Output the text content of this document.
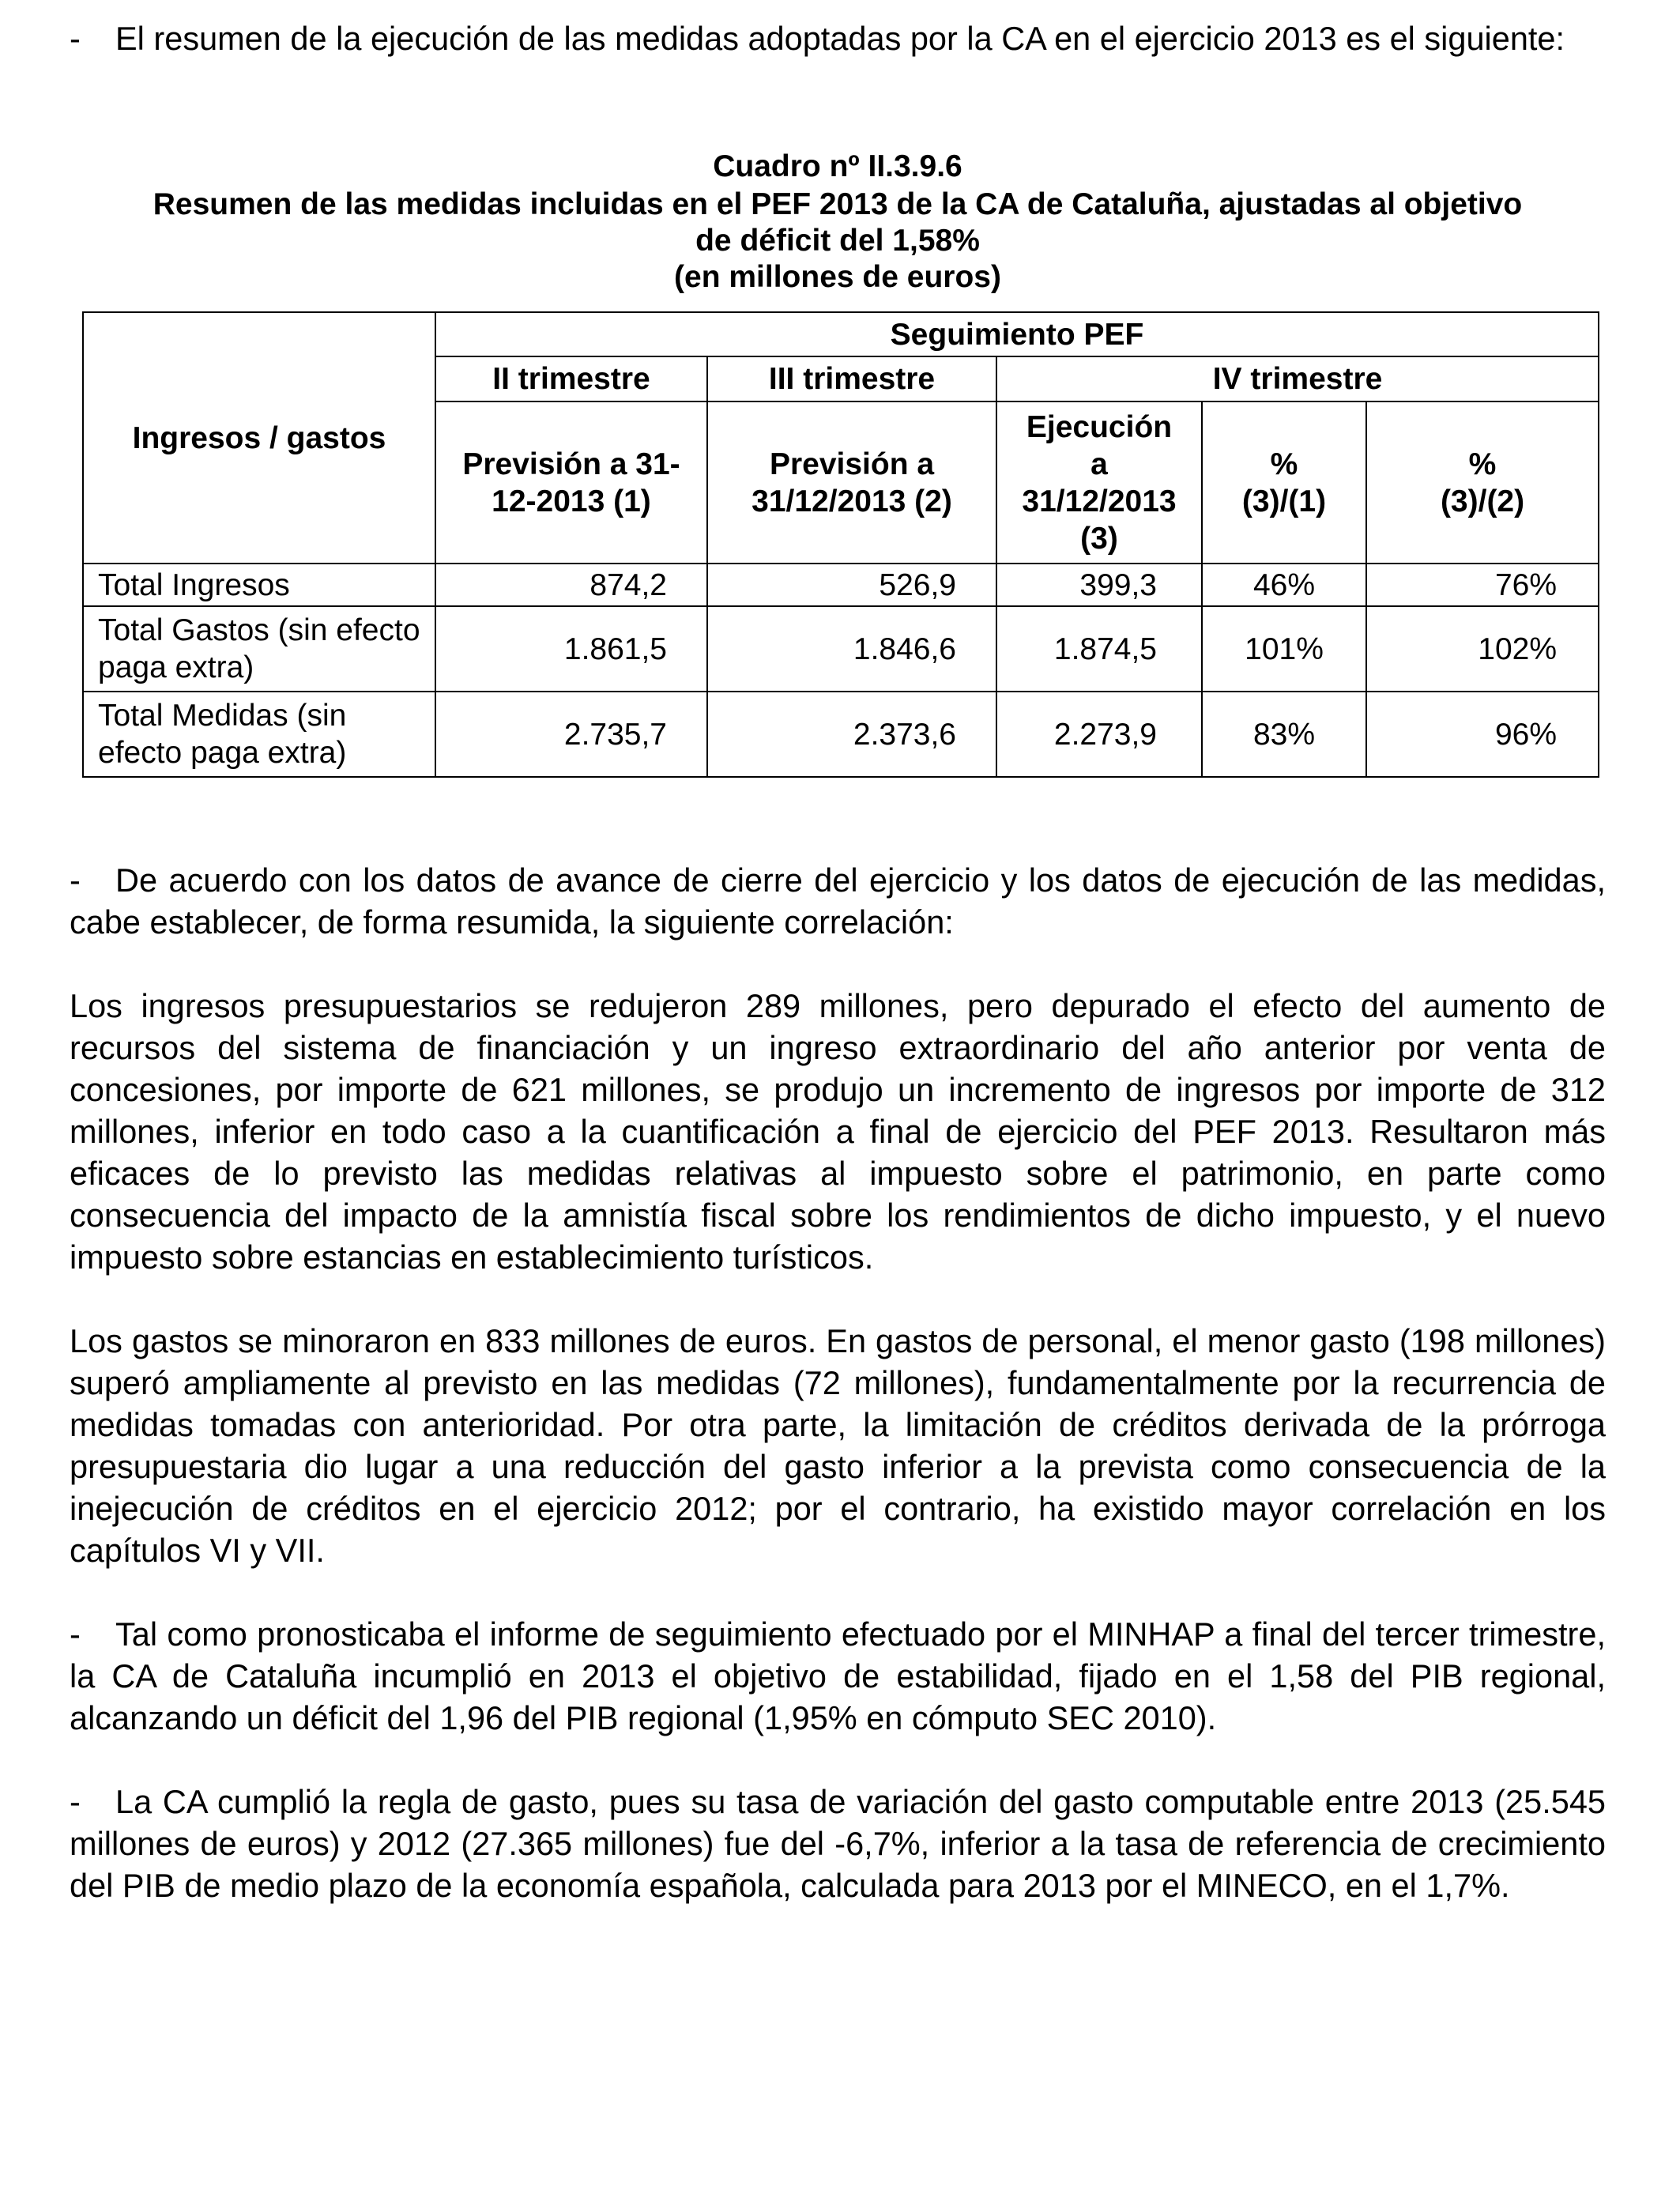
- El resumen de la ejecución de las medidas adoptadas por la CA en el ejercicio 2013 es el siguiente:

Cuadro nº II.3.9.6
Resumen de las medidas incluidas en el PEF 2013 de la CA de Cataluña, ajustadas al objetivo
de déficit del 1,58%
(en millones de euros)
Ingresos / gastos	Seguimiento PEF				
	II trimestre	III trimestre	IV trimestre		
	Previsión a 31-12-2013 (1)	Previsión a 31/12/2013 (2)	Ejecución a 31/12/2013 (3)	% (3)/(1)	% (3)/(2)
Total Ingresos	874,2	526,9	399,3	46%	76%
Total Gastos (sin efecto paga extra)	1.861,5	1.846,6	1.874,5	101%	102%
Total Medidas (sin efecto paga extra)	2.735,7	2.373,6	2.273,9	83%	96%

- De acuerdo con los datos de avance de cierre del ejercicio y los datos de ejecución de las medidas, cabe establecer, de forma resumida, la siguiente correlación:

Los ingresos presupuestarios se redujeron 289 millones, pero depurado el efecto del aumento de recursos del sistema de financiación y un ingreso extraordinario del año anterior por venta de concesiones, por importe de 621 millones, se produjo un incremento de ingresos por importe de 312 millones, inferior en todo caso a la cuantificación a final de ejercicio del PEF 2013. Resultaron más eficaces de lo previsto las medidas relativas al impuesto sobre el patrimonio, en parte como consecuencia del impacto de la amnistía fiscal sobre los rendimientos de dicho impuesto, y el nuevo impuesto sobre estancias en establecimiento turísticos.

Los gastos se minoraron en 833 millones de euros. En gastos de personal, el menor gasto (198 millones) superó ampliamente al previsto en las medidas (72 millones), fundamentalmente por la recurrencia de medidas tomadas con anterioridad. Por otra parte, la limitación de créditos derivada de la prórroga presupuestaria dio lugar a una reducción del gasto inferior a la prevista como consecuencia de la inejecución de créditos en el ejercicio 2012; por el contrario, ha existido mayor correlación en los capítulos VI y VII.

- Tal como pronosticaba el informe de seguimiento efectuado por el MINHAP a final del tercer trimestre, la CA de Cataluña incumplió en 2013 el objetivo de estabilidad, fijado en el 1,58 del PIB regional, alcanzando un déficit del 1,96 del PIB regional (1,95% en cómputo SEC 2010).

- La CA cumplió la regla de gasto, pues su tasa de variación del gasto computable entre 2013 (25.545 millones de euros) y 2012 (27.365 millones) fue del -6,7%, inferior a la tasa de referencia de crecimiento del PIB de medio plazo de la economía española, calculada para 2013 por el MINECO, en el 1,7%.
